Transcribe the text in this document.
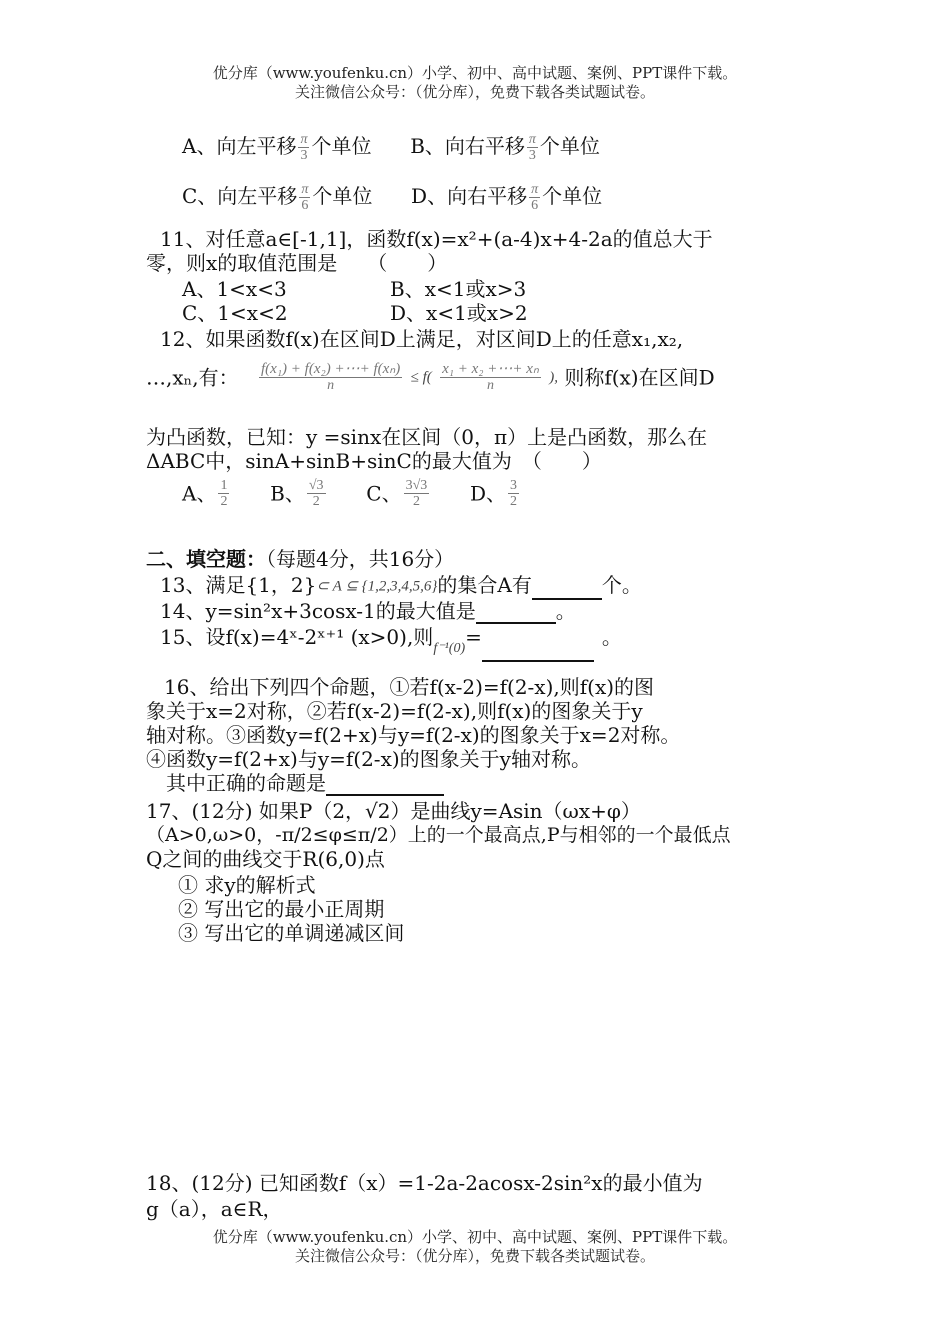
优分库（www.youfenku.cn）小学、初中、高中试题、案例、PPT课件下载。
关注微信公众号：（优分库），免费下载各类试题试卷。
A、向左平移 $\frac{\pi}{3}$ 个单位 B、向右平移 $\frac{\pi}{3}$ 个单位
C、向左平移 $\frac{\pi}{6}$ 个单位 D、向右平移 $\frac{\pi}{6}$ 个单位
11、对任意a∈[-1,1]，函数f(x)=x²+(a-4)x+4-2a的值总大于
零，则x的取值范围是　　（　　）
A、1<x<3	B、x<1或x>3
C、1<x<2	D、x<1或x>2
12、如果函数f(x)在区间D上满足，对区间D上的任意x₁,x₂,
…,xₙ,有： $\frac{\text{f(x₁) + f(x₂) +⋯+ f(xₙ)}}{n} \le f( \frac{\text{x₁ + x₂ +⋯+ xₙ}}{n}$ ), 则称f(x)在区间D
为凸函数，已知：y =sinx在区间（0，π）上是凸函数，那么在
ΔABC中，sinA+sinB+sinC的最大值为　（　　）
A、 $\frac{1}{2}$ B、 $\frac{√3}{2}$ C、 $\frac{3√3}{2}$ D、 $\frac{3}{2}$
二、填空题：（每题4分，共16分）
13、满足{1，2}⊂ A ⊆ {1,2,3,4,5,6}的集合A有	个。
14、y=sin²x+3cosx-1的最大值是	。
15、设f(x)=4ˣ-2ˣ⁺¹ (x>0),则$_{f^{-1}(0)}$=	。
16、给出下列四个命题，①若f(x-2)=f(2-x),则f(x)的图
象关于x=2对称，②若f(x-2)=f(2-x),则f(x)的图象关于y
轴对称。③函数y=f(2+x)与y=f(2-x)的图象关于x=2对称。
④函数y=f(2+x)与y=f(2-x)的图象关于y轴对称。
其中正确的命题是
17、(12分) 如果P（2，√2）是曲线y=Asin（ωx+φ）
（A>0,ω>0，-π/2≤φ≤π/2）上的一个最高点,P与相邻的一个最低点
Q之间的曲线交于R(6,0)点
① 求y的解析式
② 写出它的最小正周期
③ 写出它的单调递减区间
18、(12分) 已知函数f（x）=1-2a-2acosx-2sin²x的最小值为
g（a），a∈R，
优分库（www.youfenku.cn）小学、初中、高中试题、案例、PPT课件下载。
关注微信公众号：（优分库），免费下载各类试题试卷。
